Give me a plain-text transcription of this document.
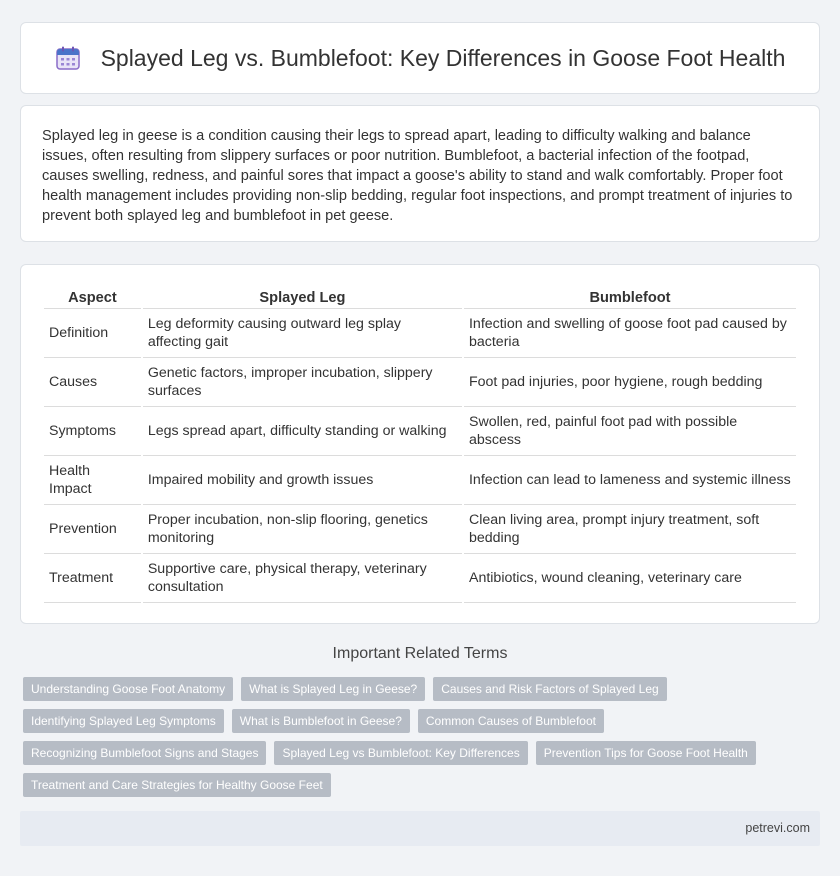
Splayed Leg vs. Bumblefoot: Key Differences in Goose Foot Health

Splayed leg in geese is a condition causing their legs to spread apart, leading to difficulty walking and balance issues, often resulting from slippery surfaces or poor nutrition. Bumblefoot, a bacterial infection of the footpad, causes swelling, redness, and painful sores that impact a goose's ability to stand and walk comfortably. Proper foot health management includes providing non-slip bedding, regular foot inspections, and prompt treatment of injuries to prevent both splayed leg and bumblefoot in pet geese.

Aspect	Splayed Leg	Bumblefoot
Definition	Leg deformity causing outward leg splay affecting gait	Infection and swelling of goose foot pad caused by bacteria
Causes	Genetic factors, improper incubation, slippery surfaces	Foot pad injuries, poor hygiene, rough bedding
Symptoms	Legs spread apart, difficulty standing or walking	Swollen, red, painful foot pad with possible abscess
Health Impact	Impaired mobility and growth issues	Infection can lead to lameness and systemic illness
Prevention	Proper incubation, non-slip flooring, genetics monitoring	Clean living area, prompt injury treatment, soft bedding
Treatment	Supportive care, physical therapy, veterinary consultation	Antibiotics, wound cleaning, veterinary care
Important Related Terms
Understanding Goose Foot Anatomy	What is Splayed Leg in Geese?	Causes and Risk Factors of Splayed Leg
Identifying Splayed Leg Symptoms	What is Bumblefoot in Geese?	Common Causes of Bumblefoot
Recognizing Bumblefoot Signs and Stages	Splayed Leg vs Bumblefoot: Key Differences	Prevention Tips for Goose Foot Health
Treatment and Care Strategies for Healthy Goose Feet
petrevi.com
